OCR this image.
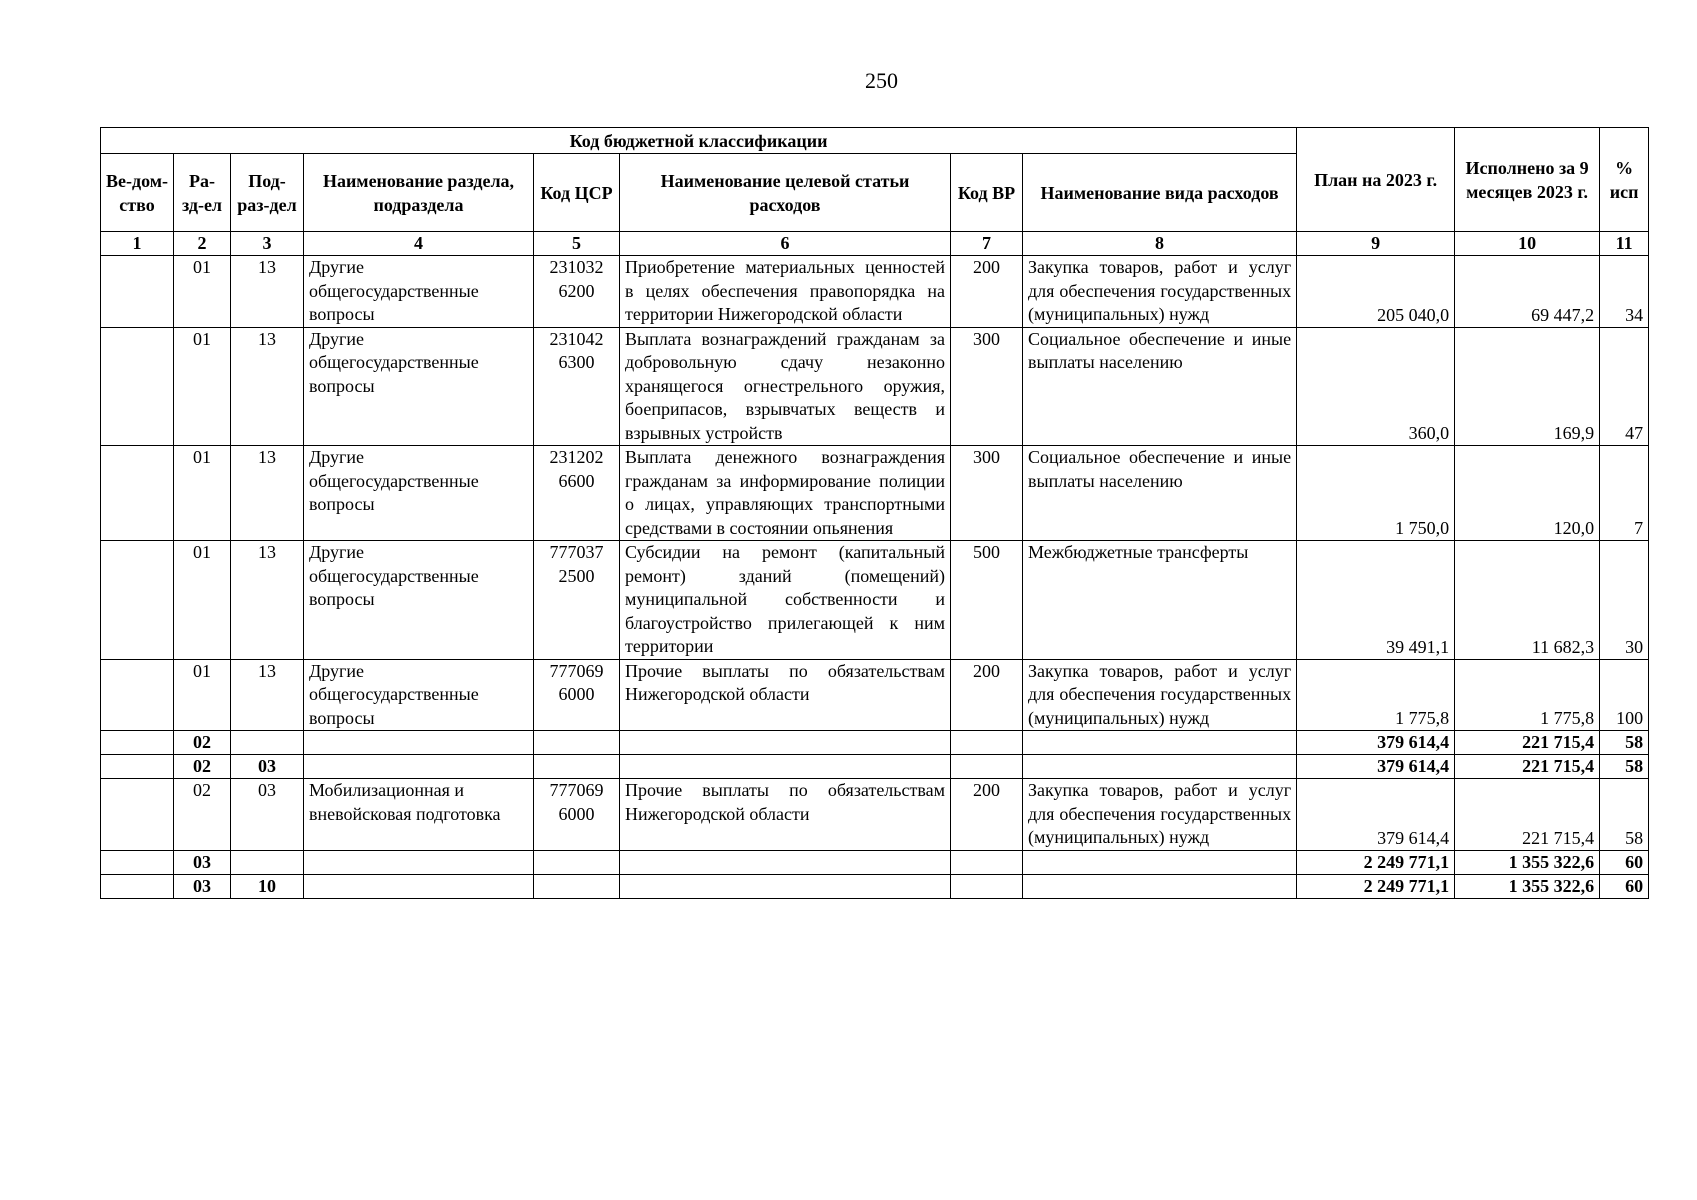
250
Код бюджетной классификации								План на 2023 г.	Исполнено за 9 месяцев 2023 г.	% исп
Ве-дом-ство	Ра-зд-ел	Под-раз-дел	Наименование раздела, подраздела	Код ЦСР	Наименование целевой статьи расходов	Код ВР	Наименование вида расходов			
1	2	3	4	5	6	7	8	9	10	11
	01	13	Другие общегосударственные вопросы	231032 6200	Приобретение материальных ценностей в целях обеспечения правопорядка на территории Нижегородской области	200	Закупка товаров, работ и услуг для обеспечения государственных (муниципальных) нужд	205 040,0	69 447,2	34
	01	13	Другие общегосударственные вопросы	231042 6300	Выплата вознаграждений гражданам за добровольную сдачу незаконно хранящегося огнестрельного оружия, боеприпасов, взрывчатых веществ и взрывных устройств	300	Социальное обеспечение и иные выплаты населению	360,0	169,9	47
	01	13	Другие общегосударственные вопросы	231202 6600	Выплата денежного вознаграждения гражданам за информирование полиции о лицах, управляющих транспортными средствами в состоянии опьянения	300	Социальное обеспечение и иные выплаты населению	1 750,0	120,0	7
	01	13	Другие общегосударственные вопросы	777037 2500	Субсидии на ремонт (капитальный ремонт) зданий (помещений) муниципальной собственности и благоустройство прилегающей к ним территории	500	Межбюджетные трансферты	39 491,1	11 682,3	30
	01	13	Другие общегосударственные вопросы	777069 6000	Прочие выплаты по обязательствам Нижегородской области	200	Закупка товаров, работ и услуг для обеспечения государственных (муниципальных) нужд	1 775,8	1 775,8	100
	02							379 614,4	221 715,4	58
	02	03						379 614,4	221 715,4	58
	02	03	Мобилизационная и вневойсковая подготовка	777069 6000	Прочие выплаты по обязательствам Нижегородской области	200	Закупка товаров, работ и услуг для обеспечения государственных (муниципальных) нужд	379 614,4	221 715,4	58
	03							2 249 771,1	1 355 322,6	60
	03	10						2 249 771,1	1 355 322,6	60
